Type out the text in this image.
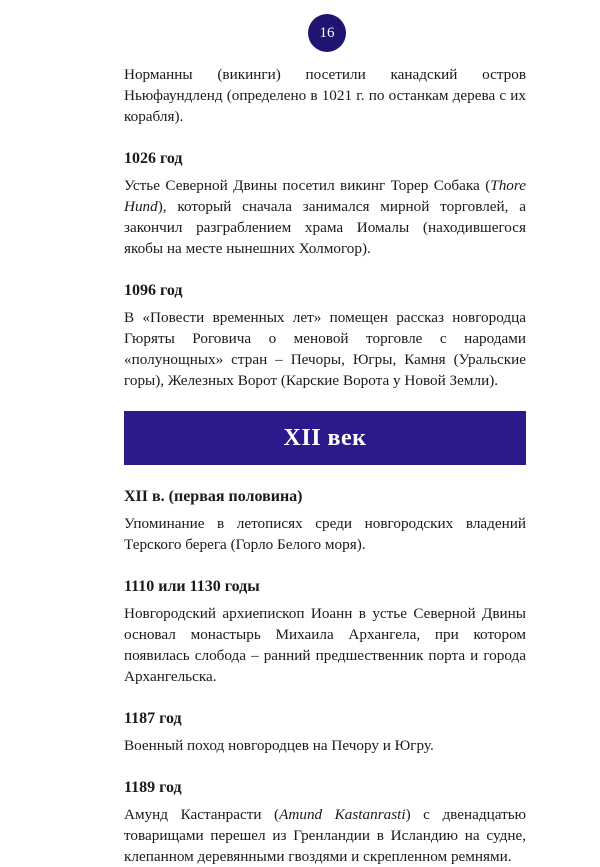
16

Норманны (викинги) посетили канадский остров Ньюфаундленд (определено в 1021 г. по останкам дерева с их корабля).

1026 год

Устье Северной Двины посетил викинг Торер Собака (Thore Hund), который сначала занимался мирной торговлей, а закончил разграблением храма Иомалы (находившегося якобы на месте нынешних Холмогор).

1096 год

В «Повести временных лет» помещен рассказ новгородца Гюряты Роговича о меновой торговле с народами «полунощных» стран – Печоры, Югры, Камня (Уральские горы), Железных Ворот (Карские Ворота у Новой Земли).

XII век
XII в. (первая половина)

Упоминание в летописях среди новгородских владений Терского берега (Горло Белого моря).

1110 или 1130 годы

Новгородский архиепископ Иоанн в устье Северной Двины основал монастырь Михаила Архангела, при котором появилась слобода – ранний предшественник порта и города Архангельска.

1187 год

Военный поход новгородцев на Печору и Югру.

1189 год

Амунд Кастанрасти (Amund Kastanrasti) с двенадцатью товарищами перешел из Гренландии в Исландию на судне, клепанном деревянными гвоздями и скрепленном ремнями.
